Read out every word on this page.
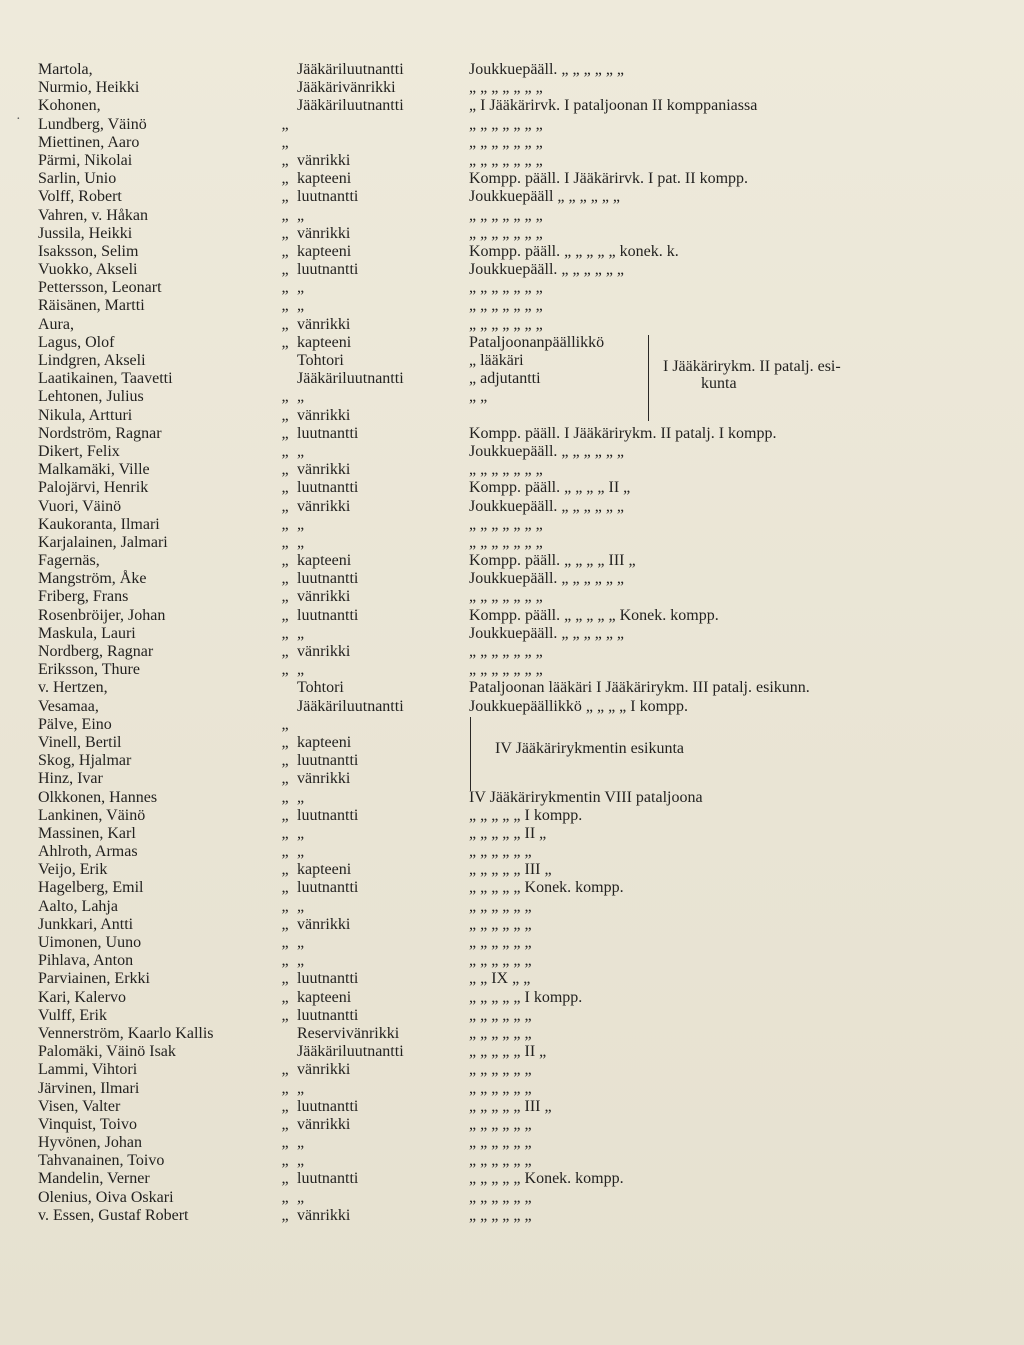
·
Martola,	Jääkäriluutnantti	Joukkuepääll. „ „ „ „ „ „
Nurmio, Heikki	Jääkärivänrikki	„ „ „ „ „ „ „
Kohonen,	Jääkäriluutnantti	„ I Jääkärirvk. I pataljoonan II komppaniassa
Lundberg, Väinö	„	„ „ „ „ „ „ „
Miettinen, Aaro	„	„ „ „ „ „ „ „
Pärmi, Nikolai	„ vänrikki	„ „ „ „ „ „ „
Sarlin, Unio	„ kapteeni	Kompp. pääll. I Jääkärirvk. I pat. II kompp.
Volff, Robert	„ luutnantti	Joukkuepääll „ „ „ „ „ „
Vahren, v. Håkan	„ „	„ „ „ „ „ „ „
Jussila, Heikki	„ vänrikki	„ „ „ „ „ „ „
Isaksson, Selim	„ kapteeni	Kompp. pääll. „ „ „ „ „ konek. k.
Vuokko, Akseli	„ luutnantti	Joukkuepääll. „ „ „ „ „ „
Pettersson, Leonart	„ „	„ „ „ „ „ „ „
Räisänen, Martti	„ „	„ „ „ „ „ „ „
Aura,	„ vänrikki	„ „ „ „ „ „ „
Lagus, Olof	„ kapteeni	Pataljoonanpäällikkö
Lindgren, Akseli	Tohtori	„ lääkäri
Laatikainen, Taavetti	Jääkäriluutnantti	„ adjutantti
Lehtonen, Julius	„ „	„ „
Nikula, Artturi	„ vänrikki
Nordström, Ragnar	„ luutnantti	Kompp. pääll. I Jääkärirykm. II patalj. I kompp.
Dikert, Felix	„ „	Joukkuepääll. „ „ „ „ „ „
Malkamäki, Ville	„ vänrikki	„ „ „ „ „ „ „
Palojärvi, Henrik	„ luutnantti	Kompp. pääll. „ „ „ „ II „
Vuori, Väinö	„ vänrikki	Joukkuepääll. „ „ „ „ „ „
Kaukoranta, Ilmari	„ „	„ „ „ „ „ „ „
Karjalainen, Jalmari	„ „	„ „ „ „ „ „ „
Fagernäs,	„ kapteeni	Kompp. pääll. „ „ „ „ III „
Mangström, Åke	„ luutnantti	Joukkuepääll. „ „ „ „ „ „
Friberg, Frans	„ vänrikki	„ „ „ „ „ „ „
Rosenbröijer, Johan	„ luutnantti	Kompp. pääll. „ „ „ „ „ Konek. kompp.
Maskula, Lauri	„ „	Joukkuepääll. „ „ „ „ „ „
Nordberg, Ragnar	„ vänrikki	„ „ „ „ „ „ „
Eriksson, Thure	„ „	„ „ „ „ „ „ „
v. Hertzen,	Tohtori	Pataljoonan lääkäri I Jääkärirykm. III patalj. esikunn.
Vesamaa,	Jääkäriluutnantti	Joukkuepäällikkö „ „ „ „ I kompp.
Pälve, Eino	„
Vinell, Bertil	„ kapteeni
Skog, Hjalmar	„ luutnantti
Hinz, Ivar	„ vänrikki
Olkkonen, Hannes	„ „	IV Jääkärirykmentin VIII pataljoona
Lankinen, Väinö	„ luutnantti	„ „ „ „ „ I kompp.
Massinen, Karl	„ „	„ „ „ „ „ II „
Ahlroth, Armas	„ „	„ „ „ „ „ „
Veijo, Erik	„ kapteeni	„ „ „ „ „ III „
Hagelberg, Emil	„ luutnantti	„ „ „ „ „ Konek. kompp.
Aalto, Lahja	„ „	„ „ „ „ „ „
Junkkari, Antti	„ vänrikki	„ „ „ „ „ „
Uimonen, Uuno	„ „	„ „ „ „ „ „
Pihlava, Anton	„ „	„ „ „ „ „ „
Parviainen, Erkki	„ luutnantti	„ „ IX „ „
Kari, Kalervo	„ kapteeni	„ „ „ „ „ I kompp.
Vulff, Erik	„ luutnantti	„ „ „ „ „ „
Vennerström, Kaarlo Kallis	Reservivänrikki	„ „ „ „ „ „
Palomäki, Väinö Isak	Jääkäriluutnantti	„ „ „ „ „ II „
Lammi, Vihtori	„ vänrikki	„ „ „ „ „ „
Järvinen, Ilmari	„ „	„ „ „ „ „ „
Visen, Valter	„ luutnantti	„ „ „ „ „ III „
Vinquist, Toivo	„ vänrikki	„ „ „ „ „ „
Hyvönen, Johan	„ „	„ „ „ „ „ „
Tahvanainen, Toivo	„ „	„ „ „ „ „ „
Mandelin, Verner	„ luutnantti	„ „ „ „ „ Konek. kompp.
Olenius, Oiva Oskari	„ „	„ „ „ „ „ „
v. Essen, Gustaf Robert	„ vänrikki	„ „ „ „ „ „
I Jääkärirykm. II patalj. esi-
kunta
IV Jääkärirykmentin esikunta
